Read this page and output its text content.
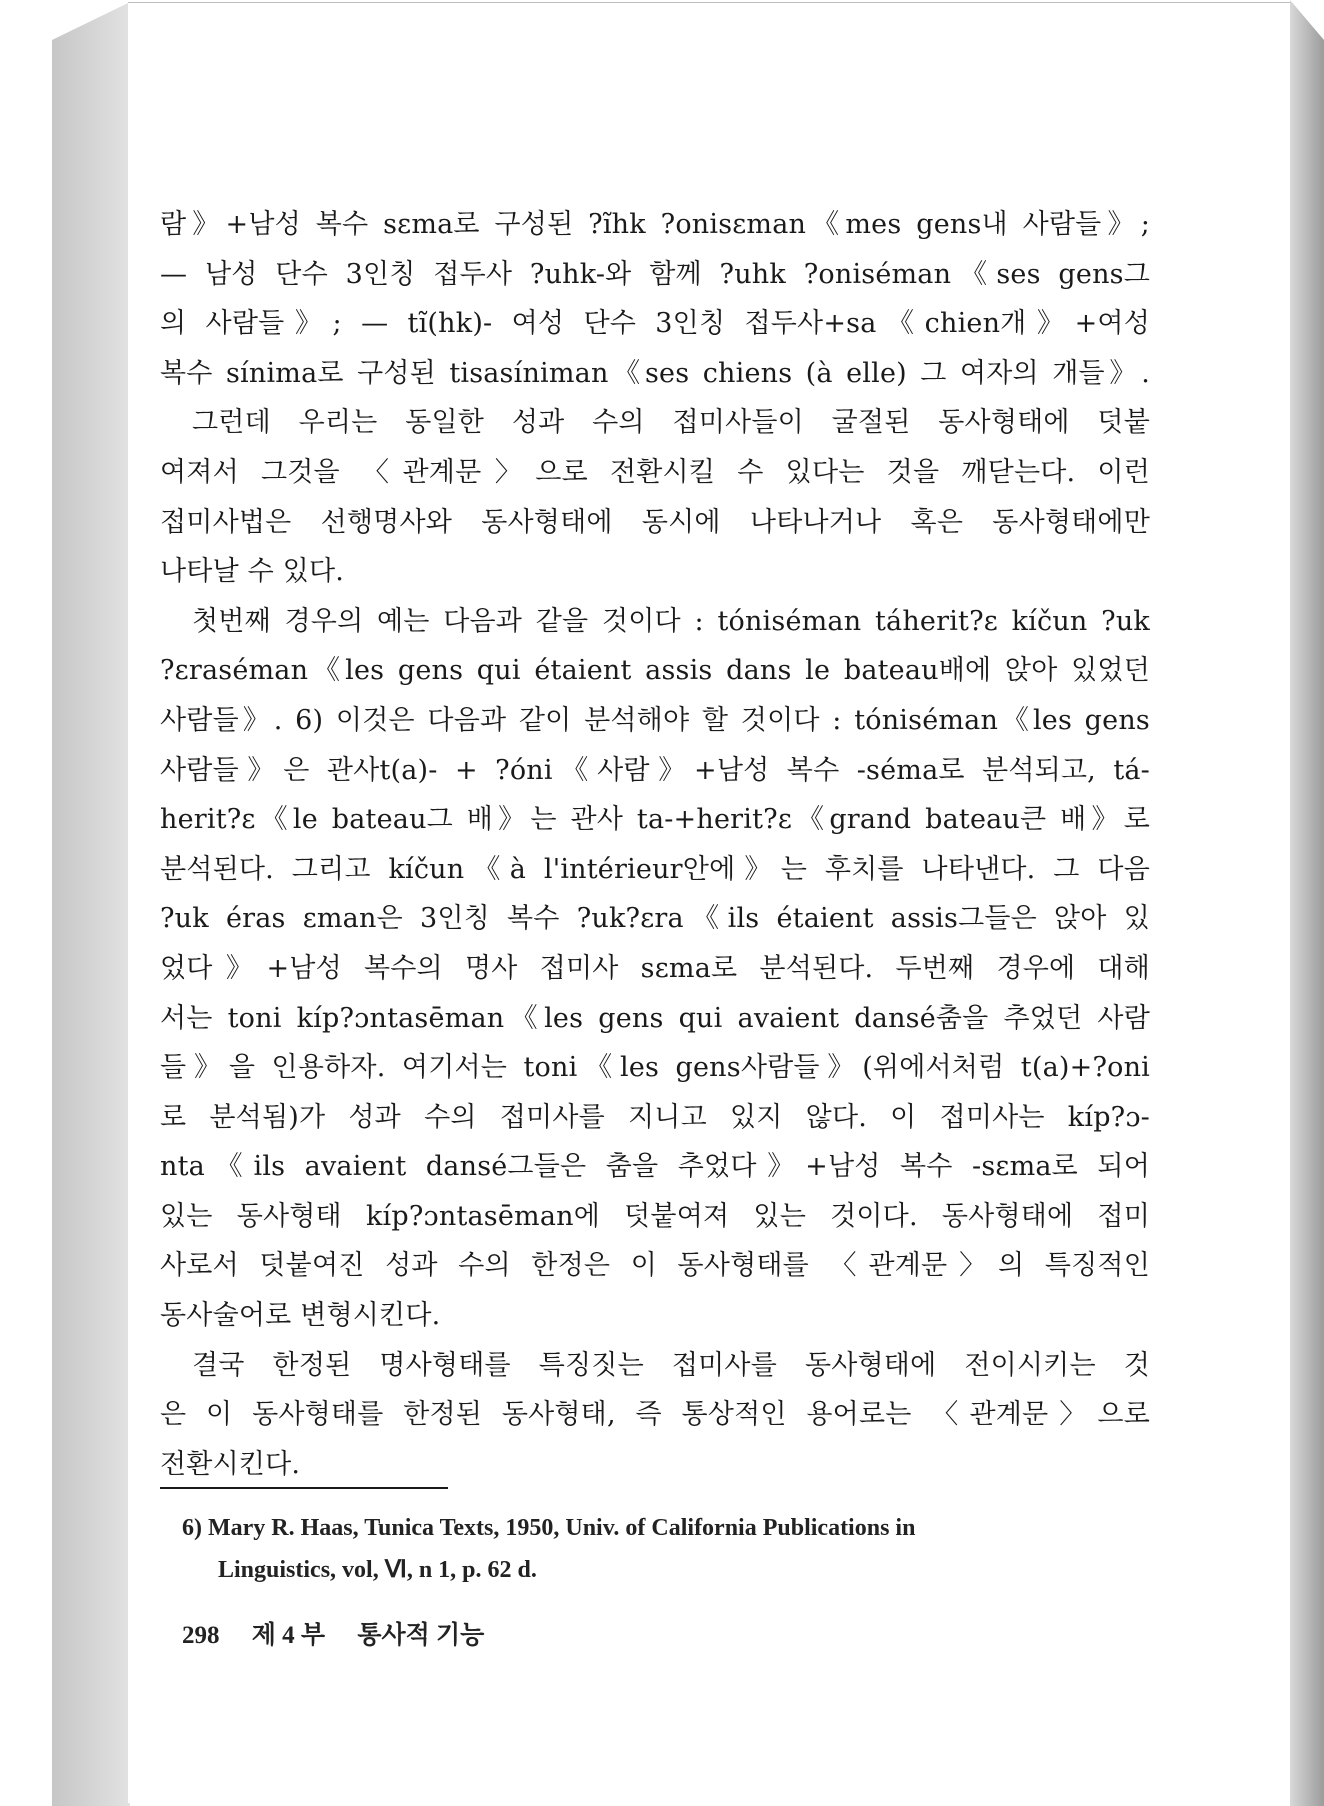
람》+남성 복수 sεma로 구성된 ?ĩhk ?onisεman《mes gens내 사람들》;
— 남성 단수 3인칭 접두사 ?uhk-와 함께 ?uhk ?oniséman《ses gens그
의 사람들》; — tĩ(hk)- 여성 단수 3인칭 접두사+sa《chien개》+여성
복수 sínima로 구성된 tisasíniman《ses chiens (à elle) 그 여자의 개들》.
그런데 우리는 동일한 성과 수의 접미사들이 굴절된 동사형태에 덧붙
여져서 그것을 〈관계문〉으로 전환시킬 수 있다는 것을 깨닫는다. 이런
접미사법은 선행명사와 동사형태에 동시에 나타나거나 혹은 동사형태에만
나타날 수 있다.
첫번째 경우의 예는 다음과 같을 것이다 : tóniséman táherit?ε kíčun ?uk
?εraséman《les gens qui étaient assis dans le bateau배에 앉아 있었던
사람들》. 6) 이것은 다음과 같이 분석해야 할 것이다 : tóniséman《les gens
사람들》은 관사t(a)- + ?óni《사람》+남성 복수 -séma로 분석되고, tá-
herit?ε《le bateau그 배》는 관사 ta-+herit?ε《grand bateau큰 배》로
분석된다. 그리고 kíčun《à l'intérieur안에》는 후치를 나타낸다. 그 다음
?uk éras εman은 3인칭 복수 ?uk?εra《ils étaient assis그들은 앉아 있
었다》+남성 복수의 명사 접미사 sεma로 분석된다. 두번째 경우에 대해
서는 toni kíp?ɔntasēman《les gens qui avaient dansé춤을 추었던 사람
들》을 인용하자. 여기서는 toni《les gens사람들》(위에서처럼 t(a)+?oni
로 분석됨)가 성과 수의 접미사를 지니고 있지 않다. 이 접미사는 kíp?ɔ-
nta《ils avaient dansé그들은 춤을 추었다》+남성 복수 -sεma로 되어
있는 동사형태 kíp?ɔntasēman에 덧붙여져 있는 것이다. 동사형태에 접미
사로서 덧붙여진 성과 수의 한정은 이 동사형태를 〈관계문〉의 특징적인
동사술어로 변형시킨다.
결국 한정된 명사형태를 특징짓는 접미사를 동사형태에 전이시키는 것
은 이 동사형태를 한정된 동사형태, 즉 통상적인 용어로는 〈관계문〉으로
전환시킨다.
6) Mary R. Haas, Tunica Texts, 1950, Univ. of California Publications in
Linguistics, vol, Ⅵ, n 1, p. 62 d.
298 제 4 부 통사적 기능
